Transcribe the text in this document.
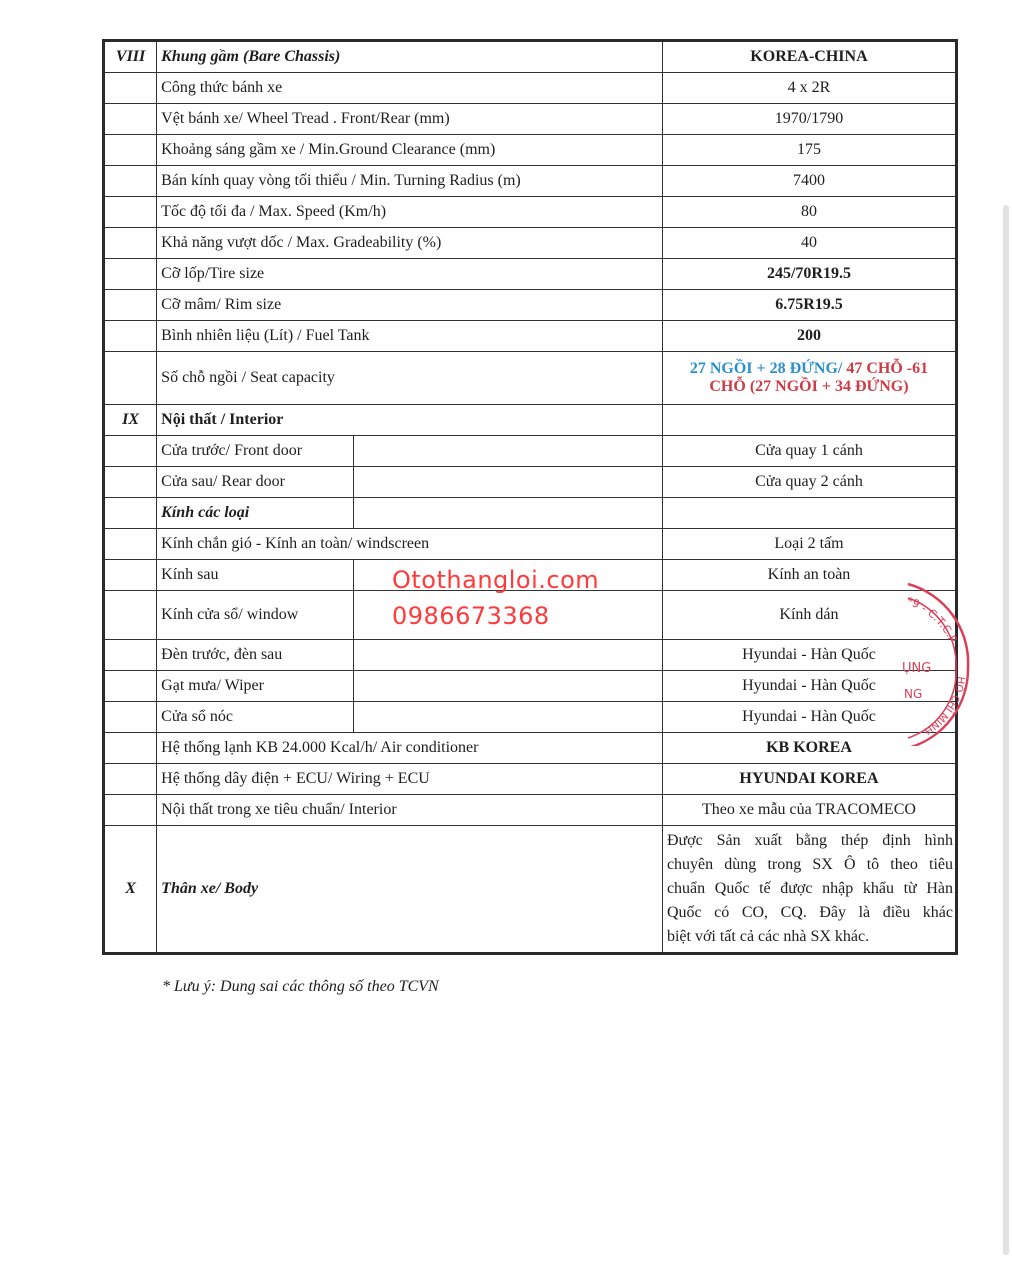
VIII	Khung gầm (Bare Chassis)		KOREA-CHINA
	Công thức bánh xe		4 x 2R
	Vệt bánh xe/ Wheel Tread . Front/Rear (mm)		1970/1790
	Khoảng sáng gầm xe / Min.Ground Clearance (mm)		175
	Bán kính quay vòng tối thiểu / Min. Turning Radius (m)		7400
	Tốc độ tối đa / Max. Speed (Km/h)		80
	Khả năng vượt dốc / Max. Gradeability (%)		40
	Cỡ lốp/Tire size		245/70R19.5
	Cỡ mâm/ Rim size		6.75R19.5
	Bình nhiên liệu (Lít) / Fuel Tank		200
	Số chỗ ngồi / Seat capacity		27 NGỒI + 28 ĐỨNG/ 47 CHỖ -61
CHỖ (27 NGỒI + 34 ĐỨNG)
IX	Nội thất / Interior		
	Cửa trước/ Front door		Cửa quay 1 cánh
	Cửa sau/ Rear door		Cửa quay 2 cánh
	Kính các loại		
	Kính chắn gió - Kính an toàn/ windscreen		Loại 2 tấm
	Kính sau		Kính an toàn
	Kính cửa sổ/ window		Kính dán
	Đèn trước, đèn sau		Hyundai - Hàn Quốc
	Gạt mưa/ Wiper		Hyundai - Hàn Quốc
	Cửa sổ nóc		Hyundai - Hàn Quốc
	Hệ thống lạnh KB 24.000 Kcal/h/ Air conditioner		KB KOREA
	Hệ thống dây điện + ECU/ Wiring + ECU		HYUNDAI KOREA
	Nội thất trong xe tiêu chuẩn/ Interior		Theo xe mẫu của TRACOMECO
X	Thân xe/ Body		Được Sản xuất bằng thép định hình
chuyên dùng trong SX Ô tô theo tiêu
chuẩn Quốc tế được nhập khẩu từ Hàn
Quốc có CO, CQ. Đây là điều khác
biệt với tất cả các nhà SX khác.
* Lưu ý: Dung sai các thông số theo TCVN
Otothangloi.com
0986673368
*9 - C.T.C.P
HỒ CHÍ MINH
ỤNG
NG
